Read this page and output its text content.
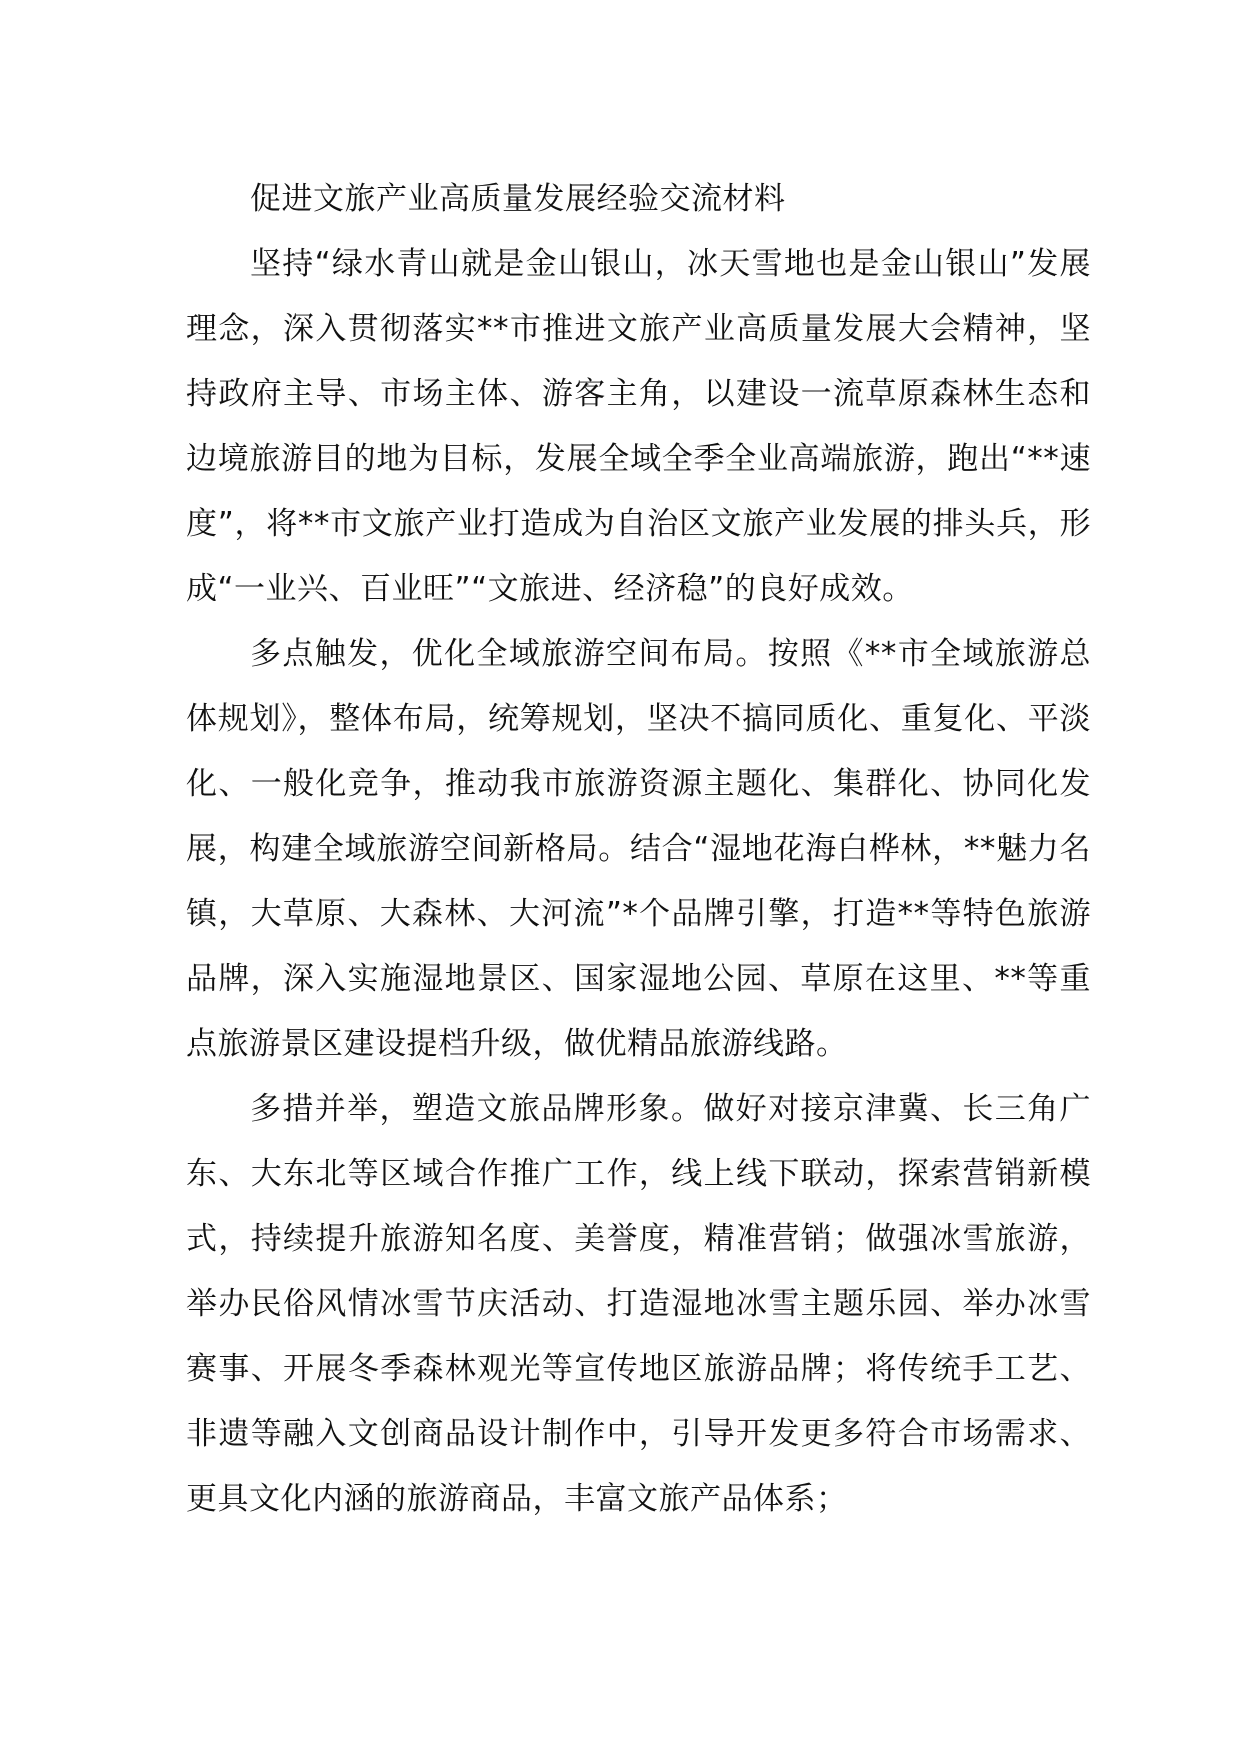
促进文旅产业高质量发展经验交流材料

坚持“绿水青山就是金山银山，冰天雪地也是金山银山”发展理念，深入贯彻落实**市推进文旅产业高质量发展大会精神，坚持政府主导、市场主体、游客主角，以建设一流草原森林生态和边境旅游目的地为目标，发展全域全季全业高端旅游，跑出“**速度”，将**市文旅产业打造成为自治区文旅产业发展的排头兵，形成“一业兴、百业旺”“文旅进、经济稳”的良好成效。

多点触发，优化全域旅游空间布局。按照《**市全域旅游总体规划》，整体布局，统筹规划，坚决不搞同质化、重复化、平淡化、一般化竞争，推动我市旅游资源主题化、集群化、协同化发展，构建全域旅游空间新格局。结合“湿地花海白桦林，**魅力名镇，大草原、大森林、大河流”*个品牌引擎，打造**等特色旅游品牌，深入实施湿地景区、国家湿地公园、草原在这里、**等重点旅游景区建设提档升级，做优精品旅游线路。

多措并举，塑造文旅品牌形象。做好对接京津冀、长三角广东、大东北等区域合作推广工作，线上线下联动，探索营销新模式，持续提升旅游知名度、美誉度，精准营销；做强冰雪旅游，举办民俗风情冰雪节庆活动、打造湿地冰雪主题乐园、举办冰雪赛事、开展冬季森林观光等宣传地区旅游品牌；将传统手工艺、非遗等融入文创商品设计制作中，引导开发更多符合市场需求、更具文化内涵的旅游商品，丰富文旅产品体系；
